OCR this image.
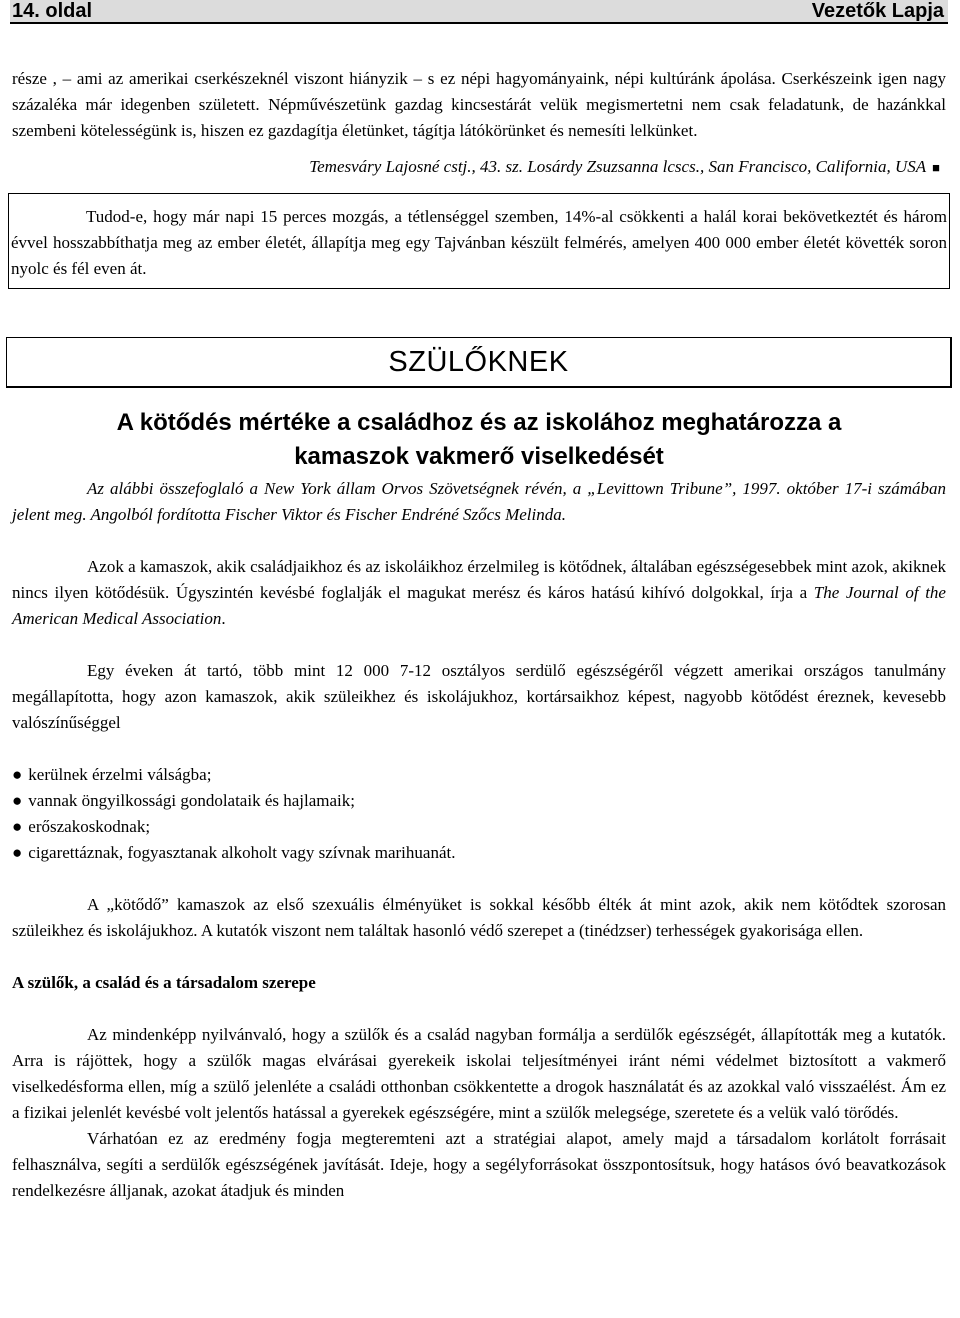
14. oldal	Vezetők Lapja

része , – ami az amerikai cserkészeknél viszont hiányzik – s ez népi hagyományaink, népi kultúránk ápolása. Cserkészeink igen nagy százaléka már idegenben született. Népművészetünk gazdag kincsestárát velük megismertetni nem csak feladatunk, de hazánkkal szembeni kötelességünk is, hiszen ez gazdagítja életünket, tágítja látókörünket és nemesíti lelkünket.

Temesváry Lajosné cstj., 43. sz. Losárdy Zsuzsanna lcscs., San Francisco, California, USA ■

Tudod-e, hogy már napi 15 perces mozgás, a tétlenséggel szemben, 14%-al csökkenti a halál korai bekövetkeztét és három évvel hosszabbíthatja meg az ember életét, állapítja meg egy Tajvánban készült felmérés, amelyen 400 000 ember életét követték soron nyolc és fél even át.

SZÜLŐKNEK
A kötődés mértéke a családhoz és az iskolához meghatározza a
kamaszok vakmerő viselkedését

Az alábbi összefoglaló a New York állam Orvos Szövetségnek révén, a „Levittown Tribune”, 1997. október 17-i számában jelent meg. Angolból fordította Fischer Viktor és Fischer Endréné Szőcs Melinda.

Azok a kamaszok, akik családjaikhoz és az iskoláikhoz érzelmileg is kötődnek, általában egészségesebbek mint azok, akiknek nincs ilyen kötődésük. Úgyszintén kevésbé foglalják el magukat merész és káros hatású kihívó dolgokkal, írja a The Journal of the American Medical Association.

Egy éveken át tartó, több mint 12 000 7-12 osztályos serdülő egészségéről végzett amerikai országos tanulmány megállapította, hogy azon kamaszok, akik szüleikhez és iskolájukhoz, kortársaikhoz képest, nagyobb kötődést éreznek, kevesebb valószínűséggel

● kerülnek érzelmi válságba;
● vannak öngyilkossági gondolataik és hajlamaik;
● erőszakoskodnak;
● cigarettáznak, fogyasztanak alkoholt vagy szívnak marihuanát.

A „kötődő” kamaszok az első szexuális élményüket is sokkal később élték át mint azok, akik nem kötődtek szorosan szüleikhez és iskolájukhoz. A kutatók viszont nem találtak hasonló védő szerepet a (tinédzser) terhességek gyakorisága ellen.

A szülők, a család és a társadalom szerepe

Az mindenképp nyilvánvaló, hogy a szülők és a család nagyban formálja a serdülők egészségét, állapították meg a kutatók. Arra is rájöttek, hogy a szülők magas elvárásai gyerekeik iskolai teljesítményei iránt némi védelmet biztosított a vakmerő viselkedésforma ellen, míg a szülő jelenléte a családi otthonban csökkentette a drogok használatát és az azokkal való visszaélést. Ám ez a fizikai jelenlét kevésbé volt jelentős hatással a gyerekek egészségére, mint a szülők melegsége, szeretete és a velük való törődés.

Várhatóan ez az eredmény fogja megteremteni azt a stratégiai alapot, amely majd a társadalom korlátolt forrásait felhasználva, segíti a serdülők egészségének javítását. Ideje, hogy a segélyforrásokat összpontosítsuk, hogy hatásos óvó beavatkozások rendelkezésre álljanak, azokat átadjuk és minden
